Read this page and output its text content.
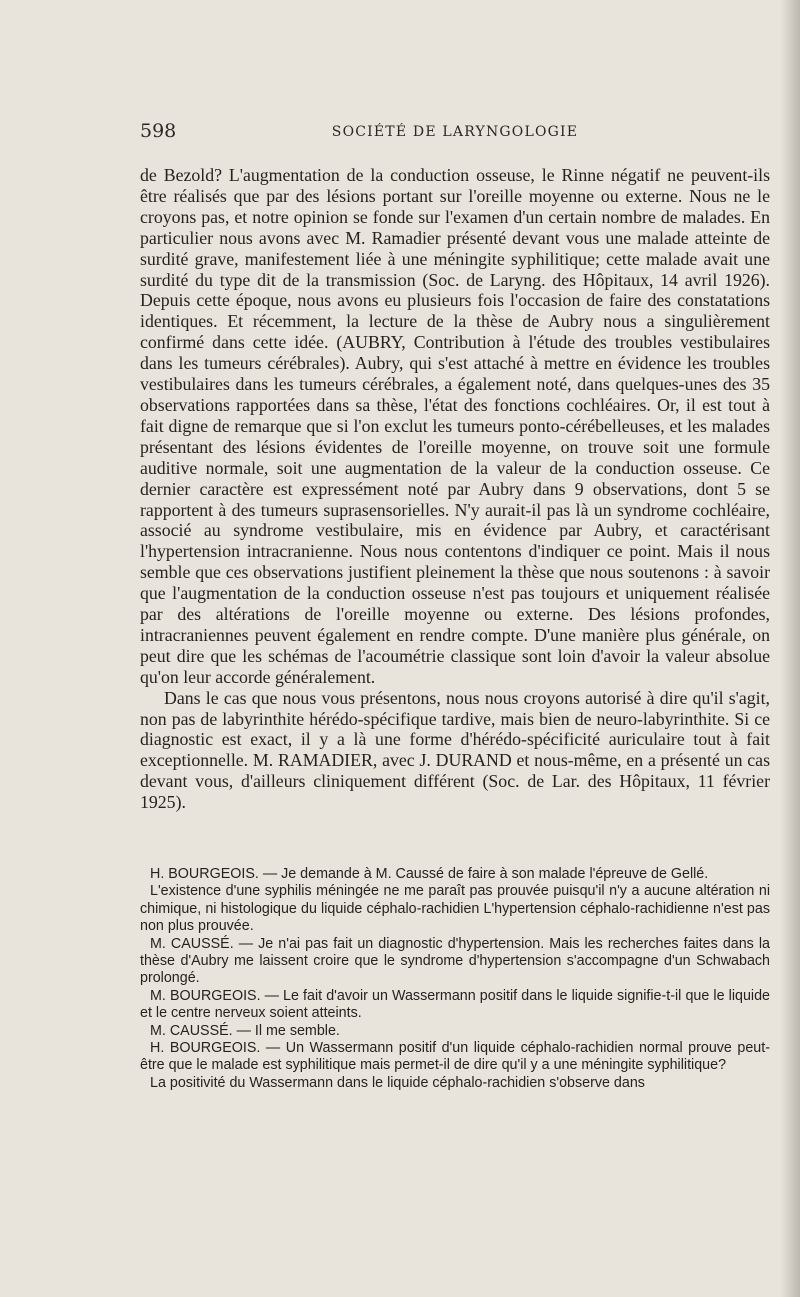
598	SOCIÉTÉ DE LARYNGOLOGIE

de Bezold? L'augmentation de la conduction osseuse, le Rinne négatif ne peuvent-ils être réalisés que par des lésions portant sur l'oreille moyenne ou externe. Nous ne le croyons pas, et notre opinion se fonde sur l'examen d'un certain nombre de malades. En particulier nous avons avec M. Ramadier présenté devant vous une malade atteinte de surdité grave, manifestement liée à une méningite syphilitique; cette malade avait une surdité du type dit de la transmission (Soc. de Laryng. des Hôpitaux, 14 avril 1926). Depuis cette époque, nous avons eu plusieurs fois l'occasion de faire des constatations identiques. Et récemment, la lecture de la thèse de Aubry nous a singulièrement confirmé dans cette idée. (AUBRY, Contribution à l'étude des troubles vestibulaires dans les tumeurs cérébrales). Aubry, qui s'est attaché à mettre en évidence les troubles vestibulaires dans les tumeurs cérébrales, a également noté, dans quelques-unes des 35 observations rapportées dans sa thèse, l'état des fonctions cochléaires. Or, il est tout à fait digne de remarque que si l'on exclut les tumeurs ponto-cérébelleuses, et les malades présentant des lésions évidentes de l'oreille moyenne, on trouve soit une formule auditive normale, soit une augmentation de la valeur de la conduction osseuse. Ce dernier caractère est expressément noté par Aubry dans 9 observations, dont 5 se rapportent à des tumeurs suprasensorielles. N'y aurait-il pas là un syndrome cochléaire, associé au syndrome vestibulaire, mis en évidence par Aubry, et caractérisant l'hypertension intracranienne. Nous nous contentons d'indiquer ce point. Mais il nous semble que ces observations justifient pleinement la thèse que nous soutenons : à savoir que l'augmentation de la conduction osseuse n'est pas toujours et uniquement réalisée par des altérations de l'oreille moyenne ou externe. Des lésions profondes, intracraniennes peuvent également en rendre compte. D'une manière plus générale, on peut dire que les schémas de l'acoumétrie classique sont loin d'avoir la valeur absolue qu'on leur accorde généralement.

Dans le cas que nous vous présentons, nous nous croyons autorisé à dire qu'il s'agit, non pas de labyrinthite hérédo-spécifique tardive, mais bien de neuro-labyrinthite. Si ce diagnostic est exact, il y a là une forme d'hérédo-spécificité auriculaire tout à fait exceptionnelle. M. RAMADIER, avec J. DURAND et nous-même, en a présenté un cas devant vous, d'ailleurs cliniquement différent (Soc. de Lar. des Hôpitaux, 11 février 1925).

H. BOURGEOIS. — Je demande à M. Caussé de faire à son malade l'épreuve de Gellé.

L'existence d'une syphilis méningée ne me paraît pas prouvée puisqu'il n'y a aucune altération ni chimique, ni histologique du liquide céphalo-rachidien L'hypertension céphalo-rachidienne n'est pas non plus prouvée.

M. CAUSSÉ. — Je n'ai pas fait un diagnostic d'hypertension. Mais les recherches faites dans la thèse d'Aubry me laissent croire que le syndrome d'hypertension s'accompagne d'un Schwabach prolongé.

M. BOURGEOIS. — Le fait d'avoir un Wassermann positif dans le liquide signifie-t-il que le liquide et le centre nerveux soient atteints.

M. CAUSSÉ. — Il me semble.

H. BOURGEOIS. — Un Wassermann positif d'un liquide céphalo-rachidien normal prouve peut-être que le malade est syphilitique mais permet-il de dire qu'il y a une méningite syphilitique?

La positivité du Wassermann dans le liquide céphalo-rachidien s'observe dans
